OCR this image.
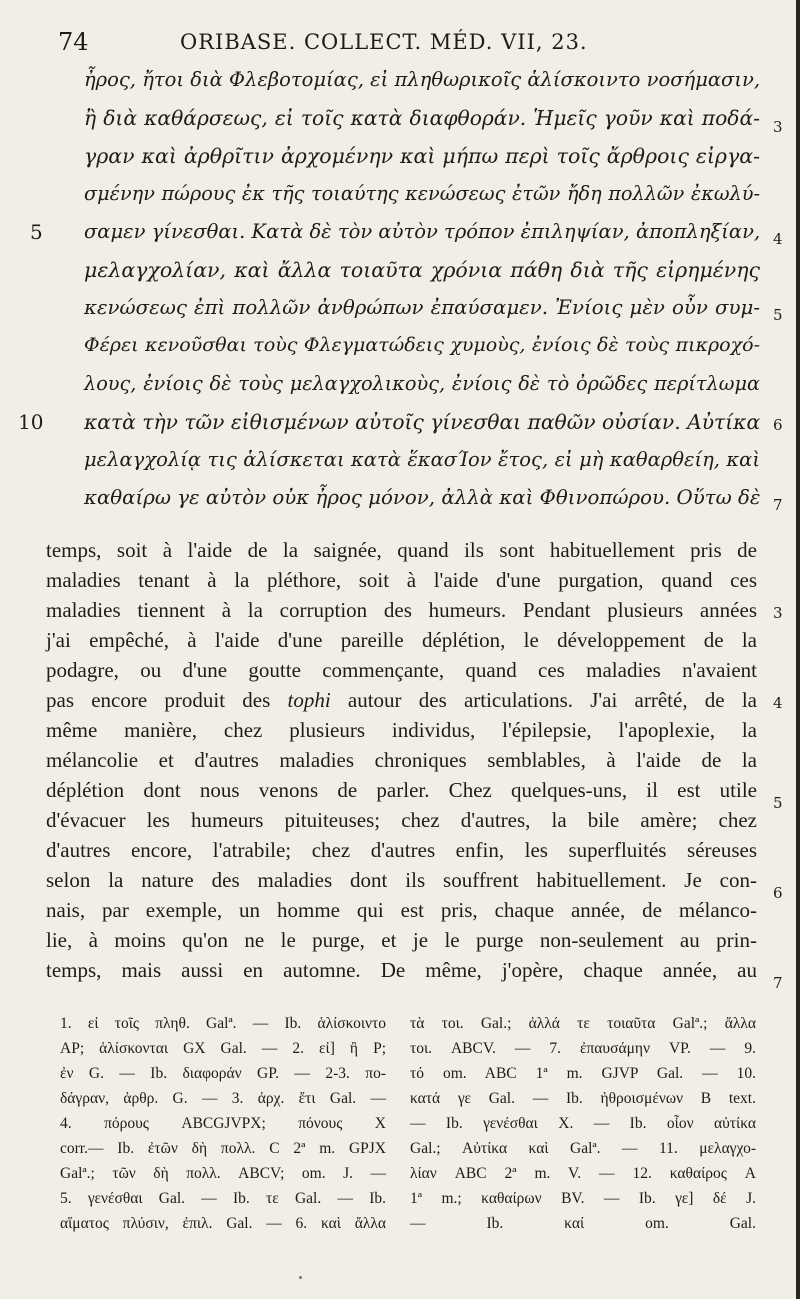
74	ORIBASE. COLLECT. MÉD. VII, 23.
ἦρος, ἤτοι διὰ Φλεβοτομίας, εἰ πληθωρικοῖς ἁλίσκοιντο νοσήμασιν,
ἢ διὰ καθάρσεως, εἰ τοῖς κατὰ διαφθοράν. Ἡμεῖς γοῦν καὶ ποδά-
γραν καὶ ἀρθρῖτιν ἀρχομένην καὶ μήπω περὶ τοῖς ἄρθροις εἰργα-
σμένην πώρους ἐκ τῆς τοιαύτης κενώσεως ἐτῶν ἤδη πολλῶν ἐκωλύ-
σαμεν γίνεσθαι. Κατὰ δὲ τὸν αὐτὸν τρόπον ἐπιληψίαν, ἀποπληξίαν,
μελαγχολίαν, καὶ ἄλλα τοιαῦτα χρόνια πάθη διὰ τῆς εἰρημένης
κενώσεως ἐπὶ πολλῶν ἀνθρώπων ἐπαύσαμεν. Ἐνίοις μὲν οὖν συμ-
Φέρει κενοῦσθαι τοὺς Φλεγματώδεις χυμοὺς, ἐνίοις δὲ τοὺς πικροχό-
λους, ἐνίοις δὲ τοὺς μελαγχολικοὺς, ἐνίοις δὲ τὸ ὀρῶδες περίτλωμα
κατὰ τὴν τῶν εἰθισμένων αὐτοῖς γίνεσθαι παθῶν οὐσίαν. Αὐτίκα
μελαγχολίᾳ τις ἁλίσκεται κατὰ ἕκασΊον ἔτος, εἰ μὴ καθαρθείη, καὶ
καθαίρω γε αὐτὸν οὐκ ἦρος μόνον, ἀλλὰ καὶ Φθινοπώρου. Οὕτω δὲ
5
10
3
4
5
6
7
temps, soit à l'aide de la saignée, quand ils sont habituellement pris de
maladies tenant à la pléthore, soit à l'aide d'une purgation, quand ces
maladies tiennent à la corruption des humeurs. Pendant plusieurs années
j'ai empêché, à l'aide d'une pareille déplétion, le développement de la
podagre, ou d'une goutte commençante, quand ces maladies n'avaient
pas encore produit des tophi autour des articulations. J'ai arrêté, de la
même manière, chez plusieurs individus, l'épilepsie, l'apoplexie, la
mélancolie et d'autres maladies chroniques semblables, à l'aide de la
déplétion dont nous venons de parler. Chez quelques-uns, il est utile
d'évacuer les humeurs pituiteuses; chez d'autres, la bile amère; chez
d'autres encore, l'atrabile; chez d'autres enfin, les superfluités séreuses
selon la nature des maladies dont ils souffrent habituellement. Je con-
nais, par exemple, un homme qui est pris, chaque année, de mélanco-
lie, à moins qu'on ne le purge, et je le purge non-seulement au prin-
temps, mais aussi en automne. De même, j'opère, chaque année, au
3
4
5
6
7
1. εἰ τοῖς πληθ. Galª. — Ib. ἁλίσκοιντο
AP; ἁλίσκονται GX Gal. — 2. εἰ] ἢ P;
ἐν G. — Ib. διαφοράν GP. — 2-3. πο-
δάγραν, ἀρθρ. G. — 3. ἀρχ. ἔτι Gal. —
4. πόρους ABCGJVPX; πόνους X
corr.— Ib. ἐτῶν δὴ πολλ. C 2ª m. GPJX
Galª.; τῶν δὴ πολλ. ABCV; om. J. —
5. γενέσθαι Gal. — Ib. τε Gal. — Ib.
αἵματος πλύσιν, ἐπιλ. Gal. — 6. καὶ ἄλλα
τὰ τοι. Gal.; ἀλλά τε τοιαῦτα Galª.; ἄλλα
τοι. ABCV. — 7. ἐπαυσάμην VP. — 9.
τό om. ABC 1ª m. GJVP Gal. — 10.
κατά γε Gal. — Ib. ἠθροισμένων B text.
— Ib. γενέσθαι X. — Ib. οἷον αὐτίκα
Gal.; Αὐτίκα καὶ Galª. — 11. μελαγχο-
λίαν ABC 2ª m. V. — 12. καθαίρος A
1ª m.; καθαίρων BV. — Ib. γε] δέ J.
— Ib. καί om. Gal.
